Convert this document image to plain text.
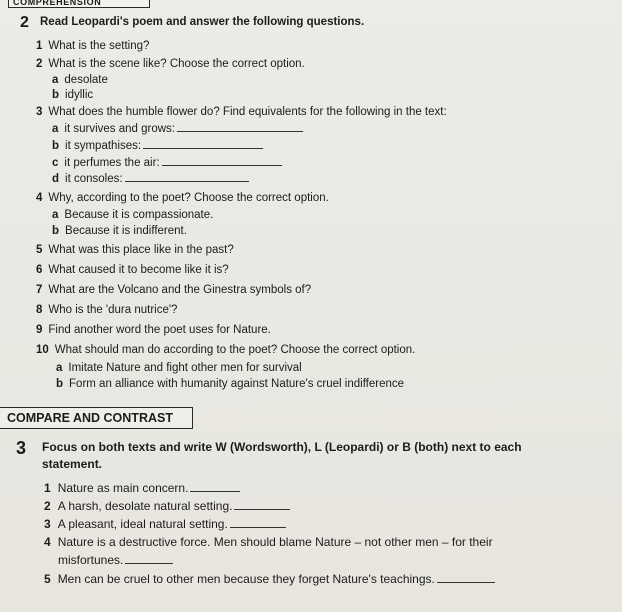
COMPREHENSION
2 Read Leopardi's poem and answer the following questions.
1 What is the setting?
2 What is the scene like? Choose the correct option.
a desolate
b idyllic
3 What does the humble flower do? Find equivalents for the following in the text:
a it survives and grows:
b it sympathises:
c it perfumes the air:
d it consoles:
4 Why, according to the poet? Choose the correct option.
a Because it is compassionate.
b Because it is indifferent.
5 What was this place like in the past?
6 What caused it to become like it is?
7 What are the Volcano and the Ginestra symbols of?
8 Who is the 'dura nutrice'?
9 Find another word the poet uses for Nature.
10 What should man do according to the poet? Choose the correct option.
a Imitate Nature and fight other men for survival
b Form an alliance with humanity against Nature's cruel indifference
COMPARE AND CONTRAST
3 Focus on both texts and write W (Wordsworth), L (Leopardi) or B (both) next to each
statement.
1 Nature as main concern.
2 A harsh, desolate natural setting.
3 A pleasant, ideal natural setting.
4 Nature is a destructive force. Men should blame Nature – not other men – for their
misfortunes.
5 Men can be cruel to other men because they forget Nature's teachings.
